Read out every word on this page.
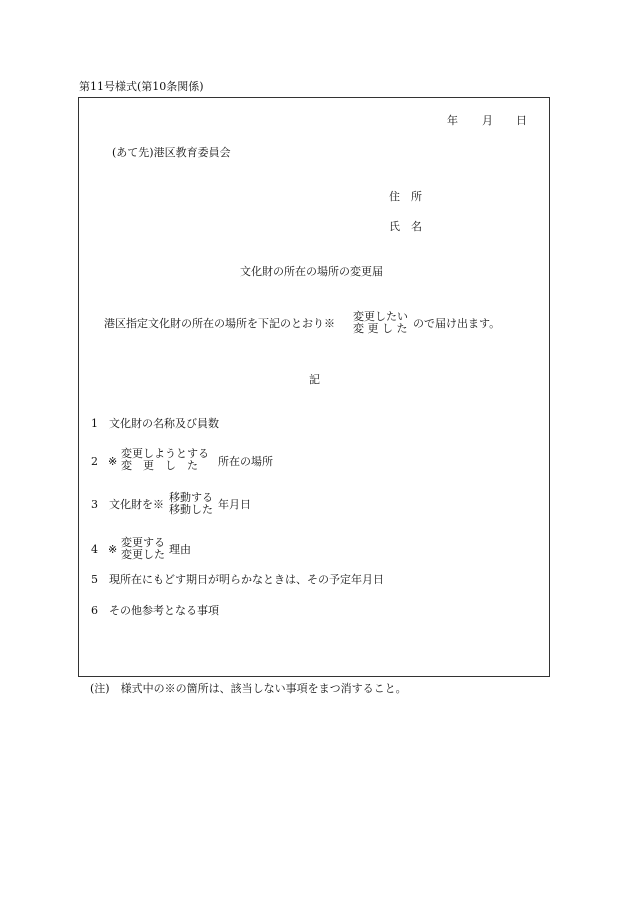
第11号様式(第10条関係)
年 月 日
(あて先)港区教育委員会
住　所
氏　名
文化財の所在の場所の変更届
港区指定文化財の所在の場所を下記のとおり※
変更したい
変 更 し た ので届け出ます。
記
1 文化財の名称及び員数
2 ※
変更しようとする
変　更　し　た	所在の場所
3 文化財を※
移動する
移動した 年月日
4 ※
変更する
変更した 理由
5 現所在にもどす期日が明らかなときは、その予定年月日
6 その他参考となる事項
(注)　様式中の※の箇所は、該当しない事項をまつ消すること。
